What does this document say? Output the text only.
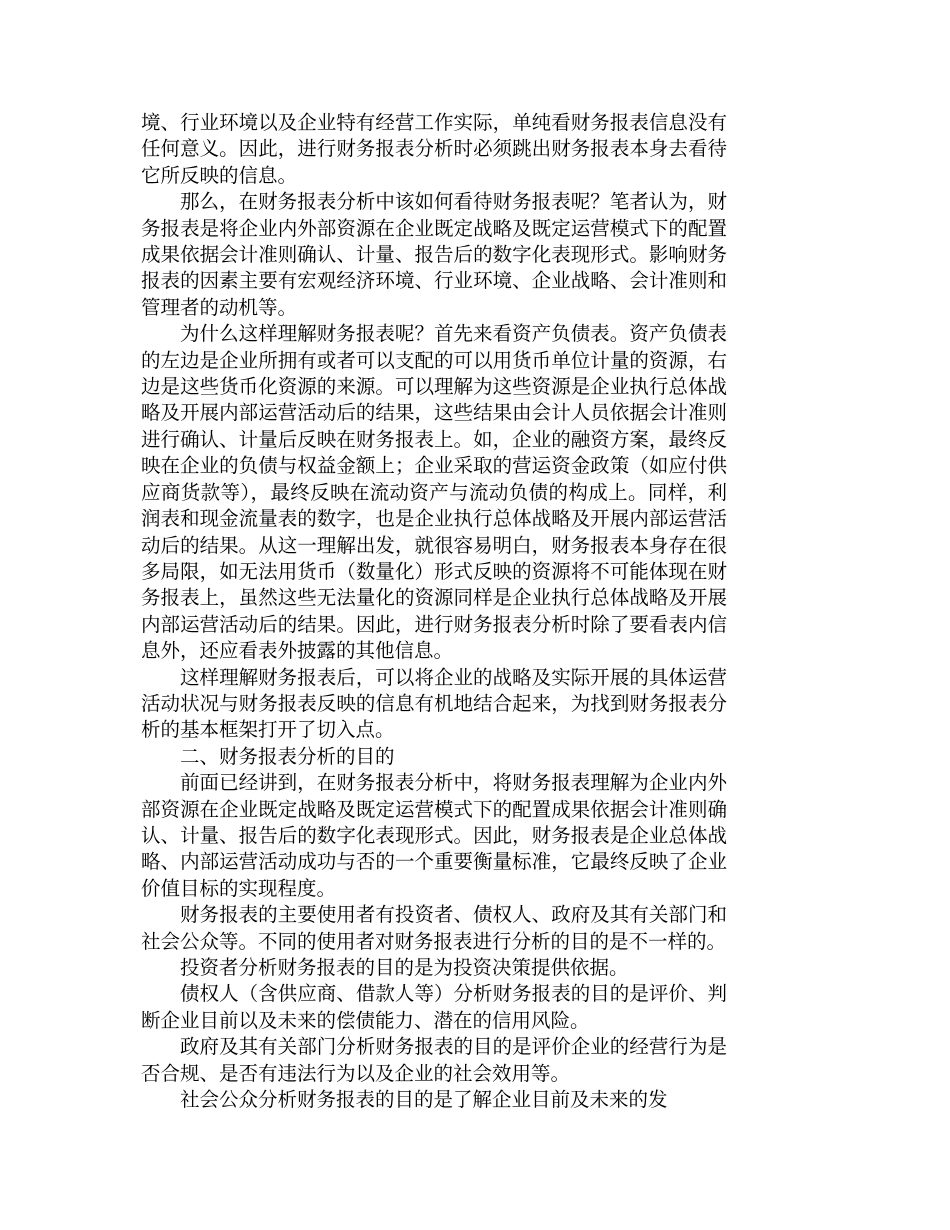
境、行业环境以及企业特有经营工作实际，单纯看财务报表信息没有任何意义。因此，进行财务报表分析时必须跳出财务报表本身去看待它所反映的信息。

那么，在财务报表分析中该如何看待财务报表呢？笔者认为，财务报表是将企业内外部资源在企业既定战略及既定运营模式下的配置成果依据会计准则确认、计量、报告后的数字化表现形式。影响财务报表的因素主要有宏观经济环境、行业环境、企业战略、会计准则和管理者的动机等。

为什么这样理解财务报表呢？首先来看资产负债表。资产负债表的左边是企业所拥有或者可以支配的可以用货币单位计量的资源，右边是这些货币化资源的来源。可以理解为这些资源是企业执行总体战略及开展内部运营活动后的结果，这些结果由会计人员依据会计准则进行确认、计量后反映在财务报表上。如，企业的融资方案，最终反映在企业的负债与权益金额上；企业采取的营运资金政策（如应付供应商货款等），最终反映在流动资产与流动负债的构成上。同样，利润表和现金流量表的数字，也是企业执行总体战略及开展内部运营活动后的结果。从这一理解出发，就很容易明白，财务报表本身存在很多局限，如无法用货币（数量化）形式反映的资源将不可能体现在财务报表上，虽然这些无法量化的资源同样是企业执行总体战略及开展内部运营活动后的结果。因此，进行财务报表分析时除了要看表内信息外，还应看表外披露的其他信息。

这样理解财务报表后，可以将企业的战略及实际开展的具体运营活动状况与财务报表反映的信息有机地结合起来，为找到财务报表分析的基本框架打开了切入点。

二、财务报表分析的目的

前面已经讲到，在财务报表分析中，将财务报表理解为企业内外部资源在企业既定战略及既定运营模式下的配置成果依据会计准则确认、计量、报告后的数字化表现形式。因此，财务报表是企业总体战略、内部运营活动成功与否的一个重要衡量标准，它最终反映了企业价值目标的实现程度。

财务报表的主要使用者有投资者、债权人、政府及其有关部门和社会公众等。不同的使用者对财务报表进行分析的目的是不一样的。

投资者分析财务报表的目的是为投资决策提供依据。

债权人（含供应商、借款人等）分析财务报表的目的是评价、判断企业目前以及未来的偿债能力、潜在的信用风险。

政府及其有关部门分析财务报表的目的是评价企业的经营行为是否合规、是否有违法行为以及企业的社会效用等。

社会公众分析财务报表的目的是了解企业目前及未来的发
